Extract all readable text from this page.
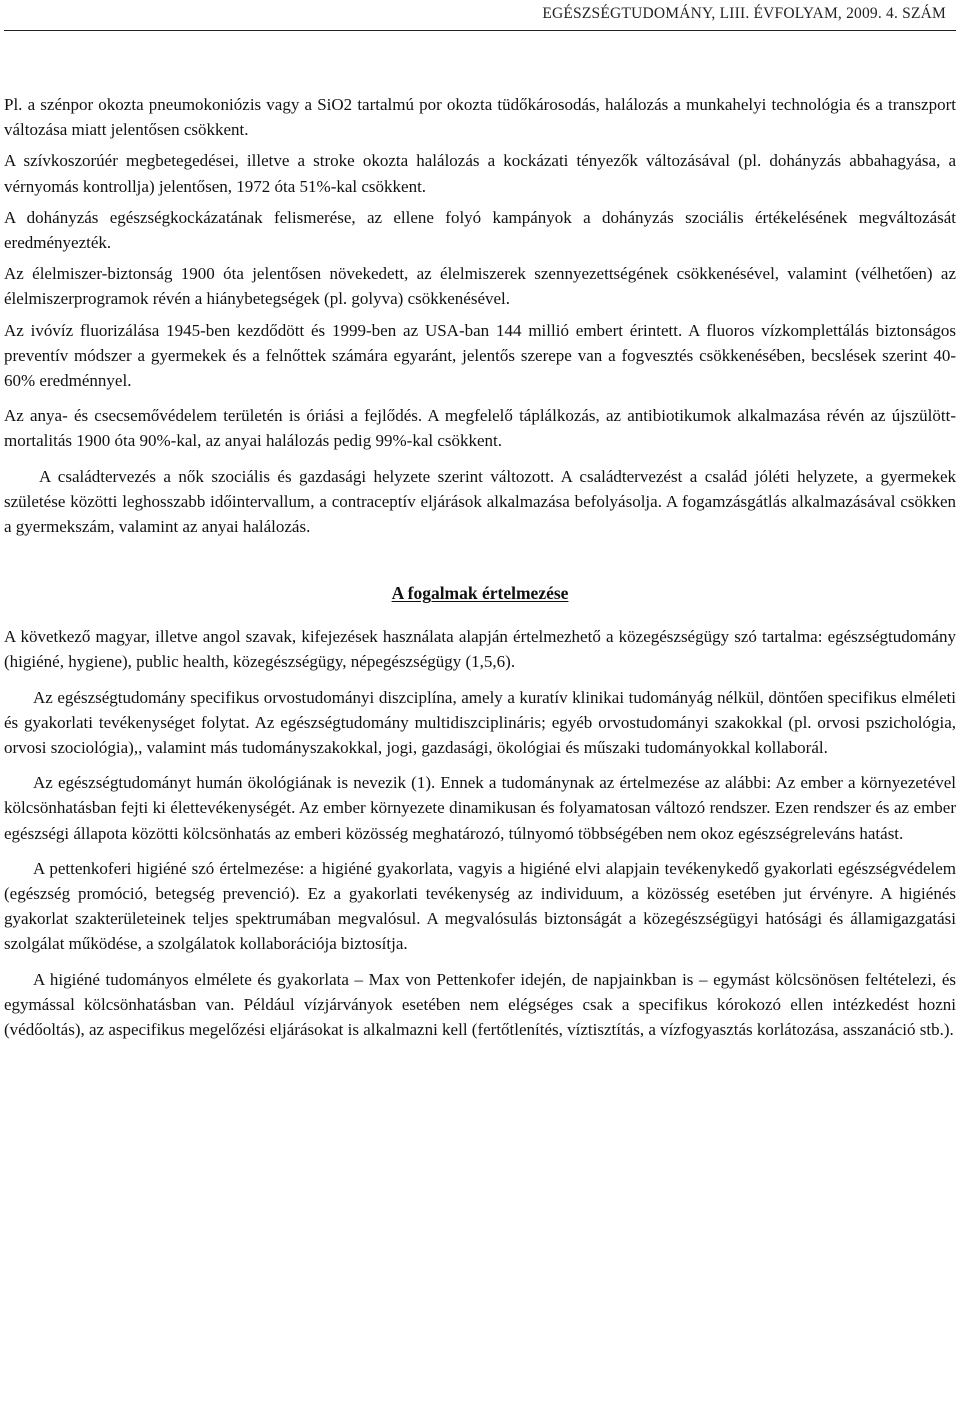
EGÉSZSÉGTUDOMÁNY, LIII. ÉVFOLYAM, 2009. 4. SZÁM

Pl. a szénpor okozta pneumokoniózis vagy a SiO2 tartalmú por okozta tüdőkárosodás, halálozás a munkahelyi technológia és a transzport változása miatt jelentősen csökkent.

A szívkoszorúér megbetegedései, illetve a stroke okozta halálozás a kockázati tényezők változásával (pl. dohányzás abbahagyása, a vérnyomás kontrollja) jelentősen, 1972 óta 51%-kal csökkent.

A dohányzás egészségkockázatának felismerése, az ellene folyó kampányok a dohányzás szociális értékelésének megváltozását eredményezték.

Az élelmiszer-biztonság 1900 óta jelentősen növekedett, az élelmiszerek szennyezettségének csökkenésével, valamint (vélhetően) az élelmiszerprogramok révén a hiánybetegségek (pl. golyva) csökkenésével.

Az ivóvíz fluorizálása 1945-ben kezdődött és 1999-ben az USA-ban 144 millió embert érintett. A fluoros vízkomplettálás biztonságos preventív módszer a gyermekek és a felnőttek számára egyaránt, jelentős szerepe van a fogvesztés csökkenésében, becslések szerint 40-60% eredménnyel.

Az anya- és csecsemővédelem területén is óriási a fejlődés. A megfelelő táplálkozás, az antibiotikumok alkalmazása révén az újszülött-mortalitás 1900 óta 90%-kal, az anyai halálozás pedig 99%-kal csökkent.

A családtervezés a nők szociális és gazdasági helyzete szerint változott. A családtervezést a család jóléti helyzete, a gyermekek születése közötti leghosszabb időintervallum, a contraceptív eljárások alkalmazása befolyásolja. A fogamzásgátlás alkalmazásával csökken a gyermekszám, valamint az anyai halálozás.

A fogalmak értelmezése

A következő magyar, illetve angol szavak, kifejezések használata alapján értelmezhető a közegészségügy szó tartalma: egészségtudomány (higiéné, hygiene), public health, közegészségügy, népegészségügy (1,5,6).

Az egészségtudomány specifikus orvostudományi diszciplína, amely a kuratív klinikai tudományág nélkül, döntően specifikus elméleti és gyakorlati tevékenységet folytat. Az egészségtudomány multidiszciplináris; egyéb orvostudományi szakokkal (pl. orvosi pszichológia, orvosi szociológia),, valamint más tudományszakokkal, jogi, gazdasági, ökológiai és műszaki tudományokkal kollaborál.

Az egészségtudományt humán ökológiának is nevezik (1). Ennek a tudománynak az értelmezése az alábbi: Az ember a környezetével kölcsönhatásban fejti ki élettevékenységét. Az ember környezete dinamikusan és folyamatosan változó rendszer. Ezen rendszer és az ember egészségi állapota közötti kölcsönhatás az emberi közösség meghatározó, túlnyomó többségében nem okoz egészségreleváns hatást.

A pettenkoferi higiéné szó értelmezése: a higiéné gyakorlata, vagyis a higiéné elvi alapjain tevékenykedő gyakorlati egészségvédelem (egészség promóció, betegség prevenció). Ez a gyakorlati tevékenység az individuum, a közösség esetében jut érvényre. A higiénés gyakorlat szakterületeinek teljes spektrumában megvalósul. A megvalósulás biztonságát a közegészségügyi hatósági és államigazgatási szolgálat működése, a szolgálatok kollaborációja biztosítja.

A higiéné tudományos elmélete és gyakorlata – Max von Pettenkofer idején, de napjainkban is – egymást kölcsönösen feltételezi, és egymással kölcsönhatásban van. Például vízjárványok esetében nem elégséges csak a specifikus kórokozó ellen intézkedést hozni (védőoltás), az aspecifikus megelőzési eljárásokat is alkalmazni kell (fertőtlenítés, víztisztítás, a vízfogyasztás korlátozása, asszanáció stb.).
